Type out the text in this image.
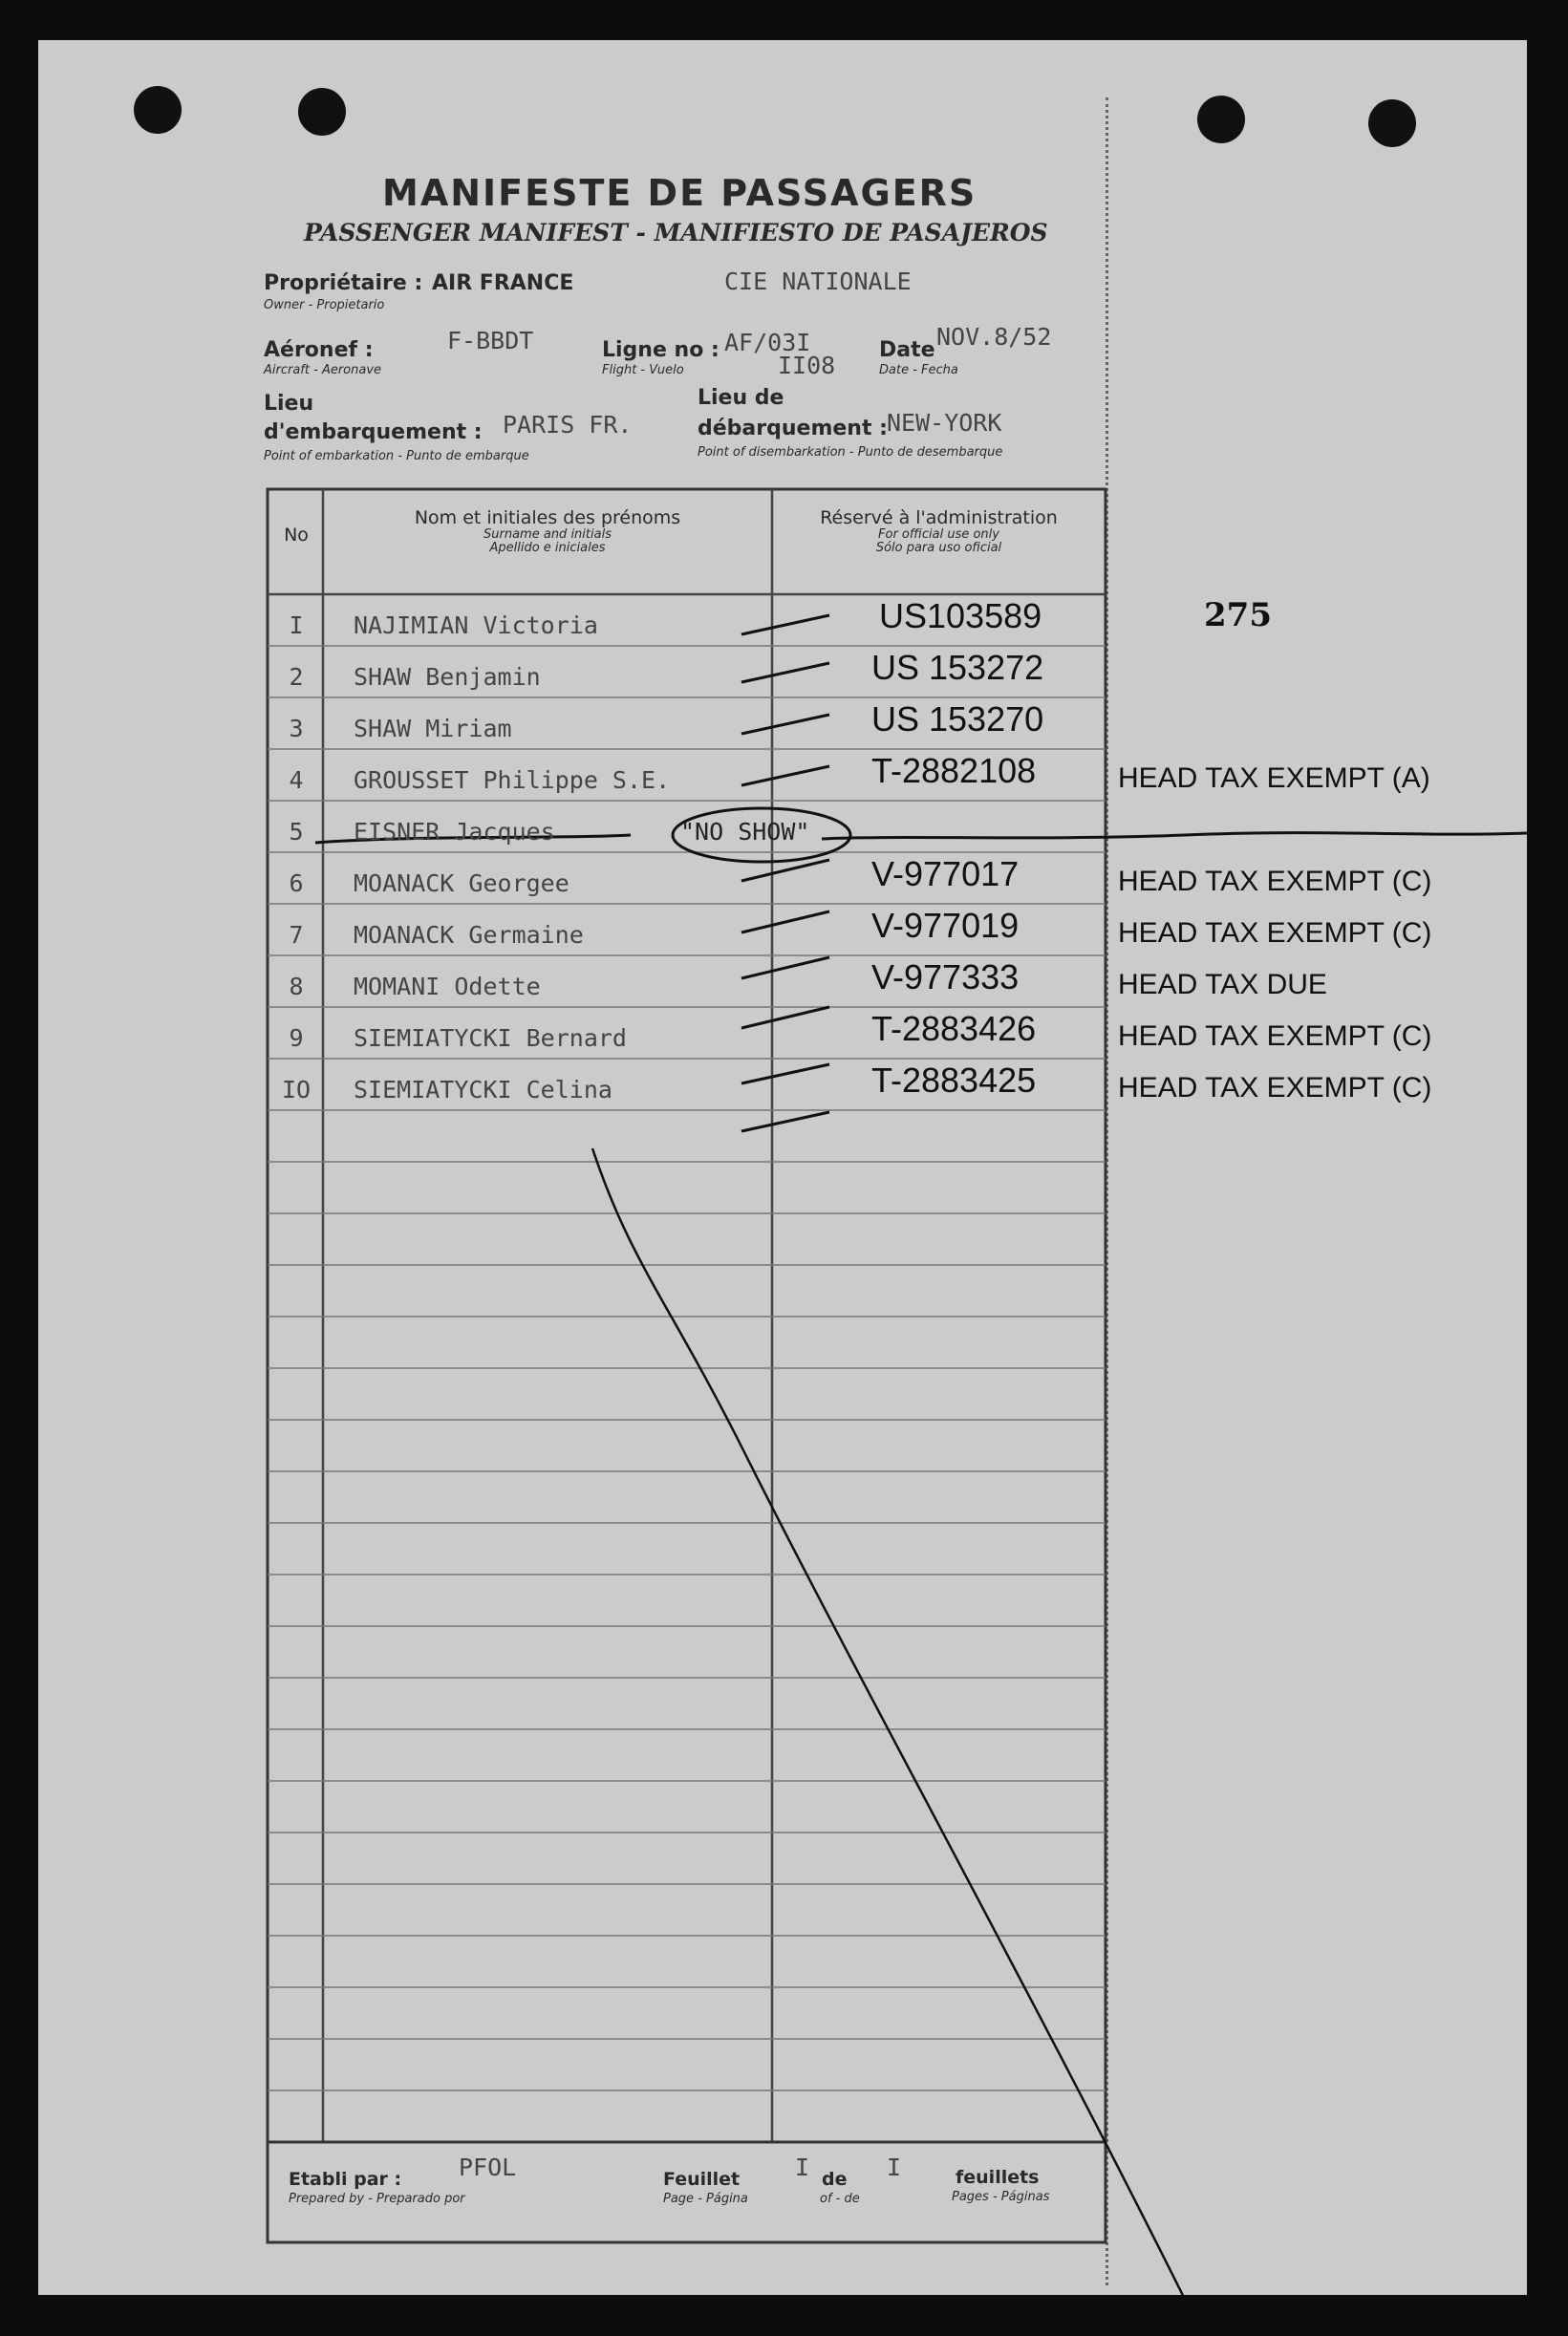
MANIFESTE DE PASSAGERS
PASSENGER MANIFEST - MANIFIESTO DE PASAJEROS
Propriétaire :
Owner - Propietario
AIR FRANCE	CIE NATIONALE
Aéronef :
Aircraft - Aeronave
F-BBDT	Ligne no :
Flight - Vuelo
AF/03I
II08
Date
Date - Fecha
NOV.8/52
Lieu
d'embarquement :
Point of embarkation - Punto de embarque
PARIS FR.
Lieu de
débarquement :
Point of disembarkation - Punto de desembarque
NEW-YORK
No
Nom et initiales des prénoms
Surname and initials
Apellido e iniciales
Réservé à l'administration
For official use only
Sólo para uso oficial
I	NAJIMIAN Victoria	US103589
2	SHAW Benjamin	US 153272
3	SHAW Miriam	US 153270
4	GROUSSET Philippe S.E.	T-2882108	HEAD TAX EXEMPT (A)
5	EISNER Jacques	"NO SHOW"
6	MOANACK Georgee	V-977017	HEAD TAX EXEMPT (C)
7	MOANACK Germaine	V-977019	HEAD TAX EXEMPT (C)
8	MOMANI Odette	V-977333	HEAD TAX DUE
9	SIEMIATYCKI Bernard	T-2883426	HEAD TAX EXEMPT (C)
IO SIEMIATYCKI Celina	T-2883425	HEAD TAX EXEMPT (C)
275
Etabli par :
Prepared by - Preparado por
PFOL	Feuillet
Page - Página
I de
of - de
I	feuillets
Pages - Páginas
